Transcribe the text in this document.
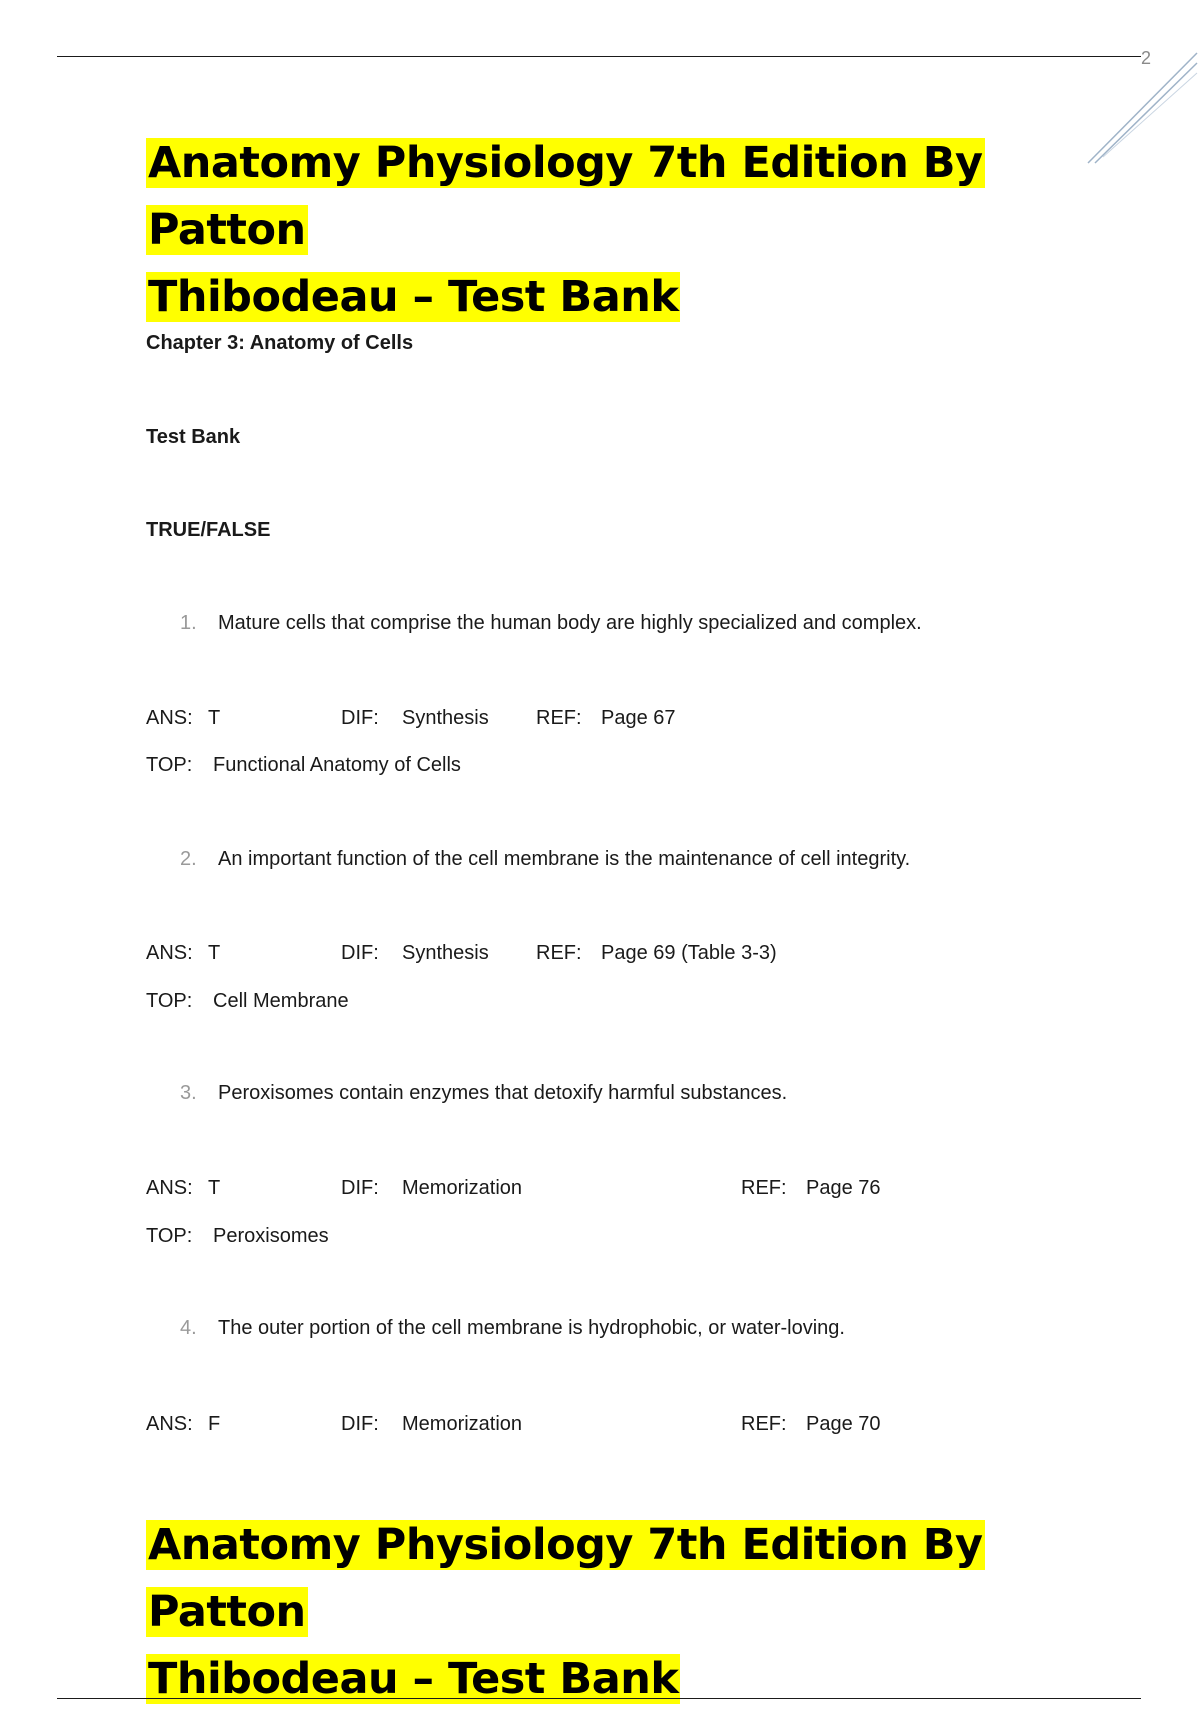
2
Anatomy Physiology 7th Edition By Patton
Thibodeau – Test Bank
Chapter 3: Anatomy of Cells
Test Bank
TRUE/FALSE
1. Mature cells that comprise the human body are highly specialized and complex.
ANS: T	DIF: Synthesis REF: Page 67
TOP: Functional Anatomy of Cells
2. An important function of the cell membrane is the maintenance of cell integrity.
ANS: T	DIF: Synthesis REF: Page 69 (Table 3-3)
TOP: Cell Membrane
3. Peroxisomes contain enzymes that detoxify harmful substances.
ANS: T	DIF: Memorization	REF: Page 76
TOP: Peroxisomes
4. The outer portion of the cell membrane is hydrophobic, or water-loving.
ANS: F	DIF: Memorization	REF: Page 70
Anatomy Physiology 7th Edition By Patton
Thibodeau – Test Bank
